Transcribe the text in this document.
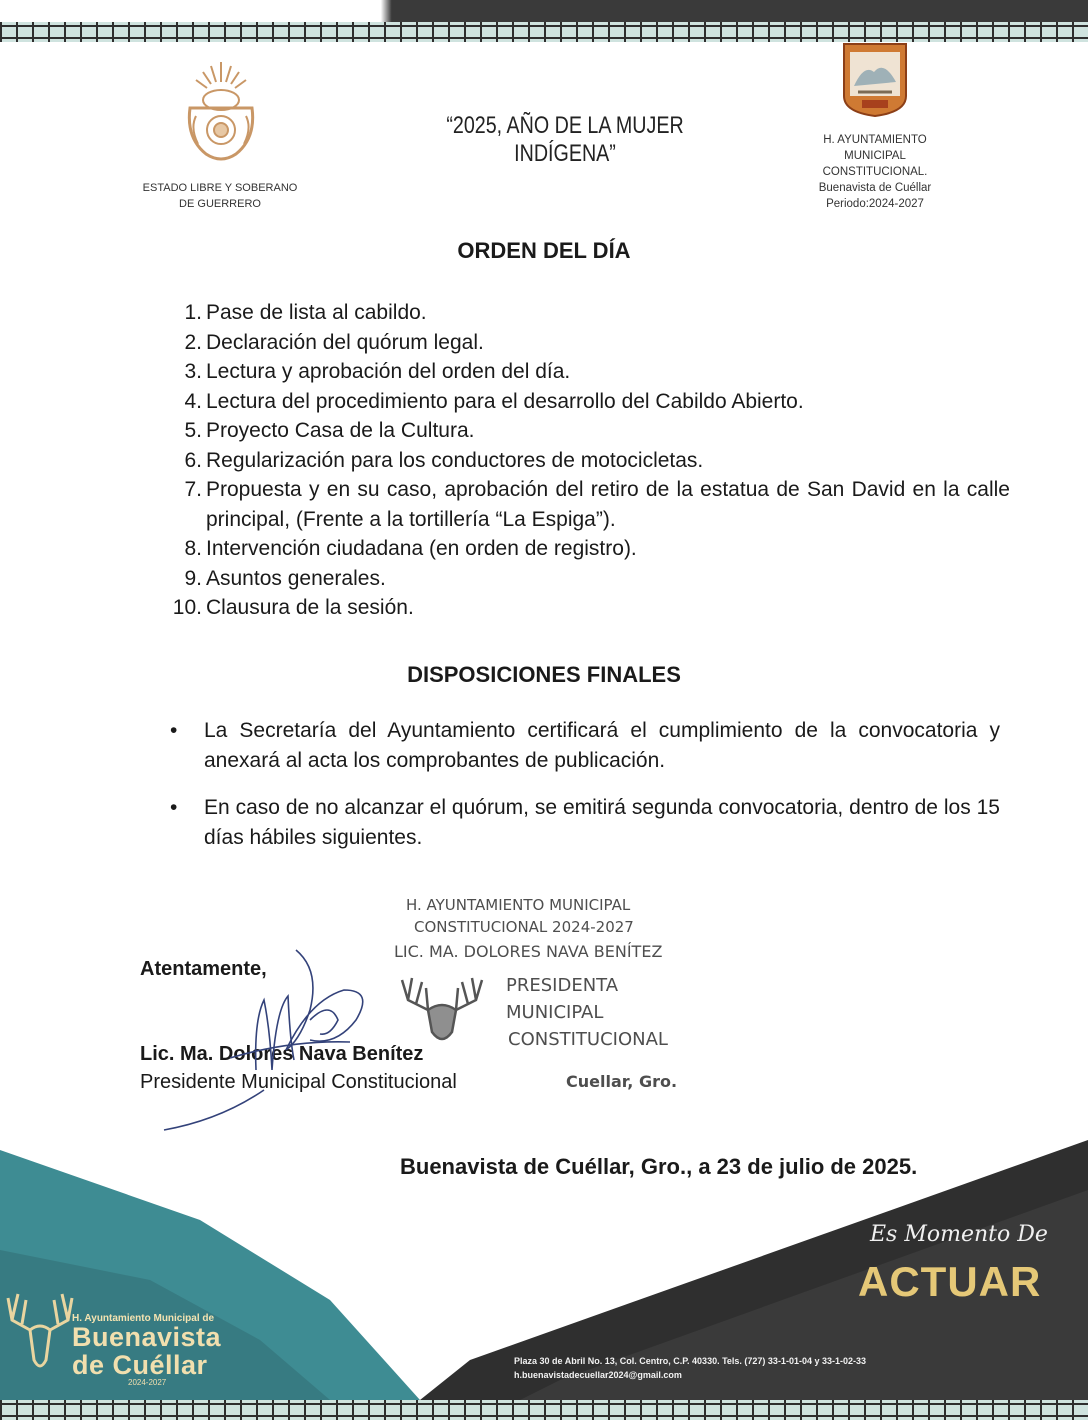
ESTADO LIBRE Y SOBERANO
DE GUERRERO
“2025, AÑO DE LA MUJER INDÍGENA”	H. AYUNTAMIENTO
MUNICIPAL
CONSTITUCIONAL.
Buenavista de Cuéllar
Periodo:2024-2027
ORDEN DEL DÍA
1. Pase de lista al cabildo.
2. Declaración del quórum legal.
3. Lectura y aprobación del orden del día.
4. Lectura del procedimiento para el desarrollo del Cabildo Abierto.
5. Proyecto Casa de la Cultura.
6. Regularización para los conductores de motocicletas.
7. Propuesta y en su caso, aprobación del retiro de la estatua de San David en la calle principal, (Frente a la tortillería “La Espiga”).
8. Intervención ciudadana (en orden de registro).
9. Asuntos generales.
10. Clausura de la sesión.
DISPOSICIONES FINALES
•	La Secretaría del Ayuntamiento certificará el cumplimiento de la convocatoria y anexará al acta los comprobantes de publicación.
•	En caso de no alcanzar el quórum, se emitirá segunda convocatoria, dentro de los 15 días hábiles siguientes.
H. AYUNTAMIENTO MUNICIPAL
CONSTITUCIONAL 2024-2027
LIC. MA. DOLORES NAVA BENÍTEZ
PRESIDENTA
MUNICIPAL
CONSTITUCIONAL
Cuellar, Gro.
Atentamente,
Lic. Ma. Dolores Nava Benítez
Presidente Municipal Constitucional
Buenavista de Cuéllar, Gro., a 23 de julio de 2025.
H. Ayuntamiento Municipal de
Buenavista
de Cuéllar
2024-2027
Es Momento De
ACTUAR
Plaza 30 de Abril No. 13, Col. Centro, C.P. 40330. Tels. (727) 33-1-01-04 y 33-1-02-33
h.buenavistadecuellar2024@gmail.com
